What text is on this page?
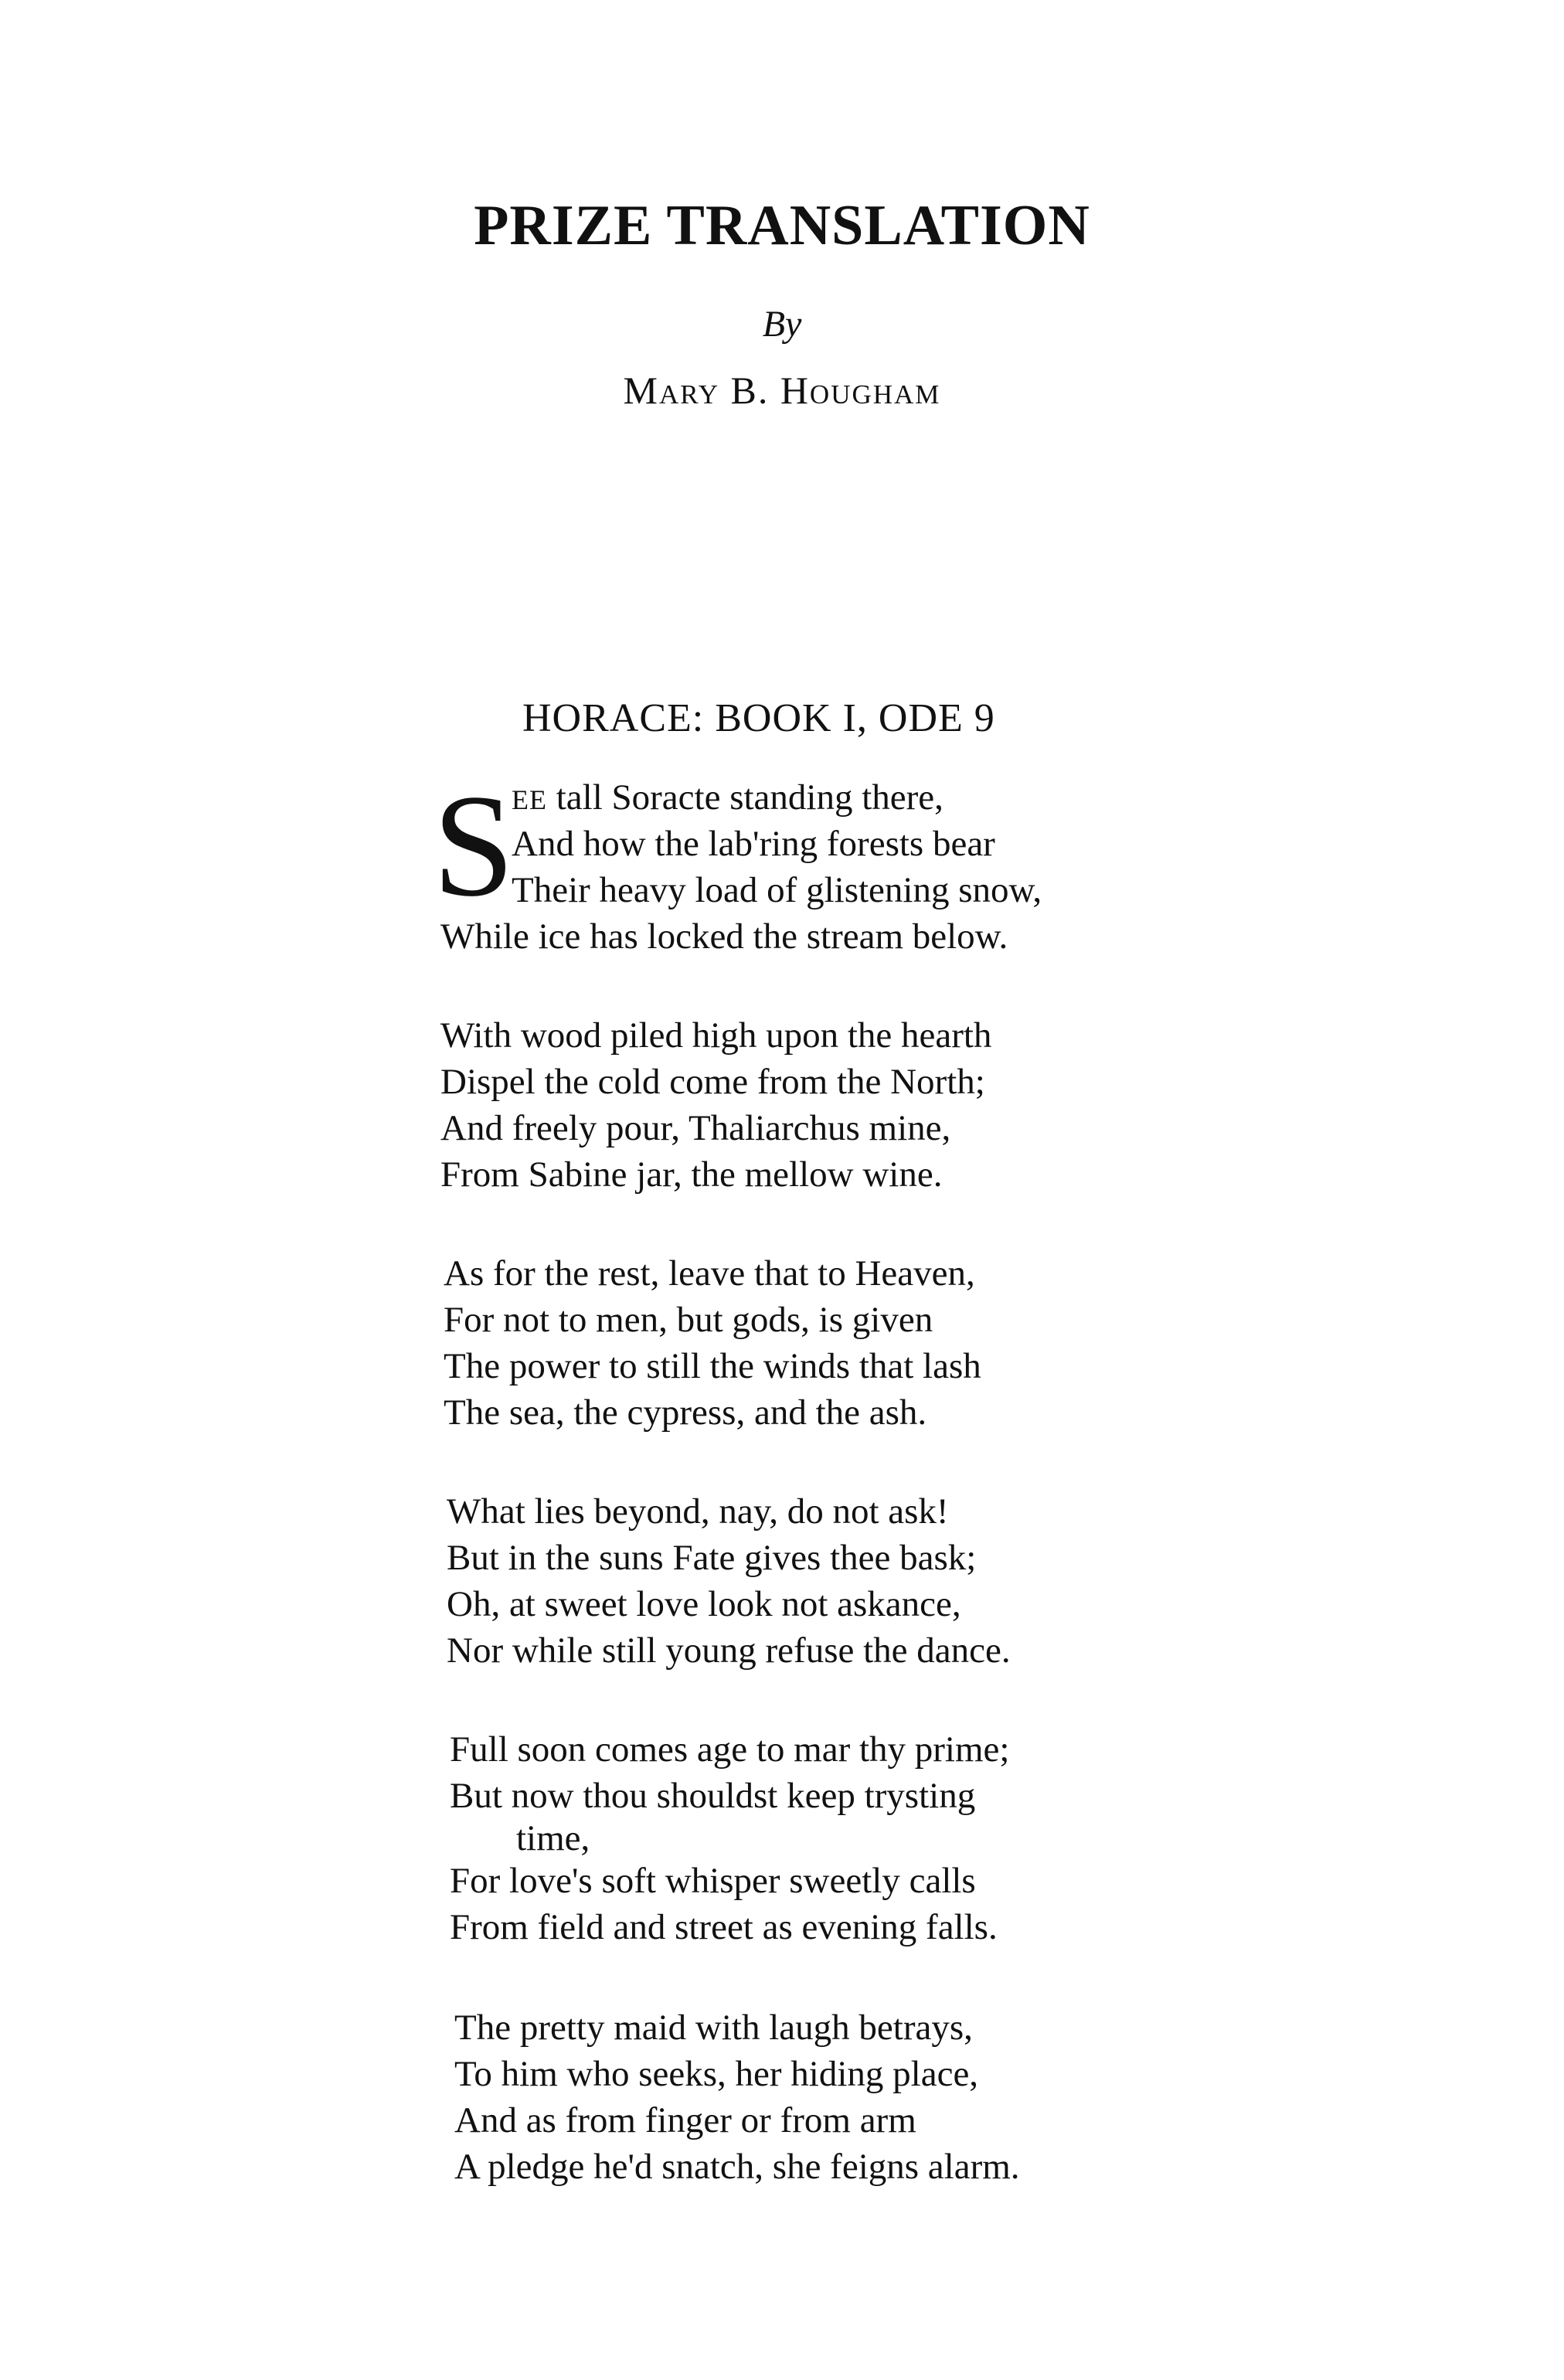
PRIZE TRANSLATION
By
Mary B. Hougham
HORACE: BOOK I, ODE 9
S
EE tall Soracte standing there,
And how the lab'ring forests bear
Their heavy load of glistening snow,
While ice has locked the stream below.
With wood piled high upon the hearth
Dispel the cold come from the North;
And freely pour, Thaliarchus mine,
From Sabine jar, the mellow wine.
As for the rest, leave that to Heaven,
For not to men, but gods, is given
The power to still the winds that lash
The sea, the cypress, and the ash.
What lies beyond, nay, do not ask!
But in the suns Fate gives thee bask;
Oh, at sweet love look not askance,
Nor while still young refuse the dance.
Full soon comes age to mar thy prime;
But now thou shouldst keep trysting
time,
For love's soft whisper sweetly calls
From field and street as evening falls.
The pretty maid with laugh betrays,
To him who seeks, her hiding place,
And as from finger or from arm
A pledge he'd snatch, she feigns alarm.
